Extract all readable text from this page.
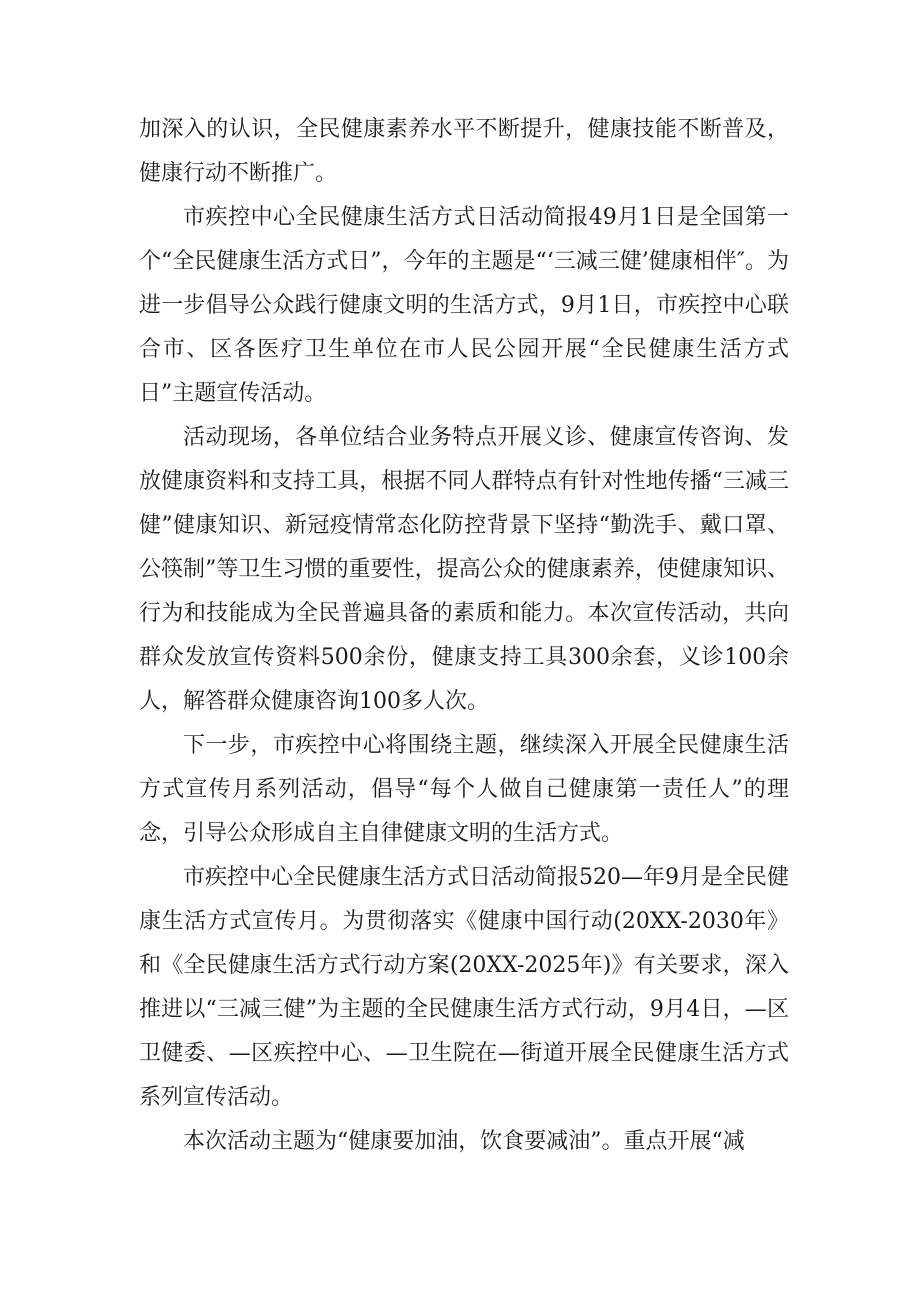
加深入的认识，全民健康素养水平不断提升，健康技能不断普及，健康行动不断推广。

市疾控中心全民健康生活方式日活动简报49月1日是全国第一个“全民健康生活方式日”，今年的主题是“‘三减三健’健康相伴″。为进一步倡导公众践行健康文明的生活方式，9月1日，市疾控中心联合市、区各医疗卫生单位在市人民公园开展“全民健康生活方式日”主题宣传活动。

活动现场，各单位结合业务特点开展义诊、健康宣传咨询、发放健康资料和支持工具，根据不同人群特点有针对性地传播“三减三健”健康知识、新冠疫情常态化防控背景下坚持“勤洗手、戴口罩、公筷制”等卫生习惯的重要性，提高公众的健康素养，使健康知识、行为和技能成为全民普遍具备的素质和能力。本次宣传活动，共向群众发放宣传资料500余份，健康支持工具300余套，义诊100余人，解答群众健康咨询100多人次。

下一步，市疾控中心将围绕主题，继续深入开展全民健康生活方式宣传月系列活动，倡导“每个人做自己健康第一责任人”的理念，引导公众形成自主自律健康文明的生活方式。

市疾控中心全民健康生活方式日活动简报520—年9月是全民健康生活方式宣传月。为贯彻落实《健康中国行动(20XX-2030年》和《全民健康生活方式行动方案(20XX-2025年)》有关要求，深入推进以“三减三健”为主题的全民健康生活方式行动，9月4日，—区卫健委、—区疾控中心、—卫生院在—街道开展全民健康生活方式系列宣传活动。

本次活动主题为“健康要加油，饮食要减油”。重点开展“减
